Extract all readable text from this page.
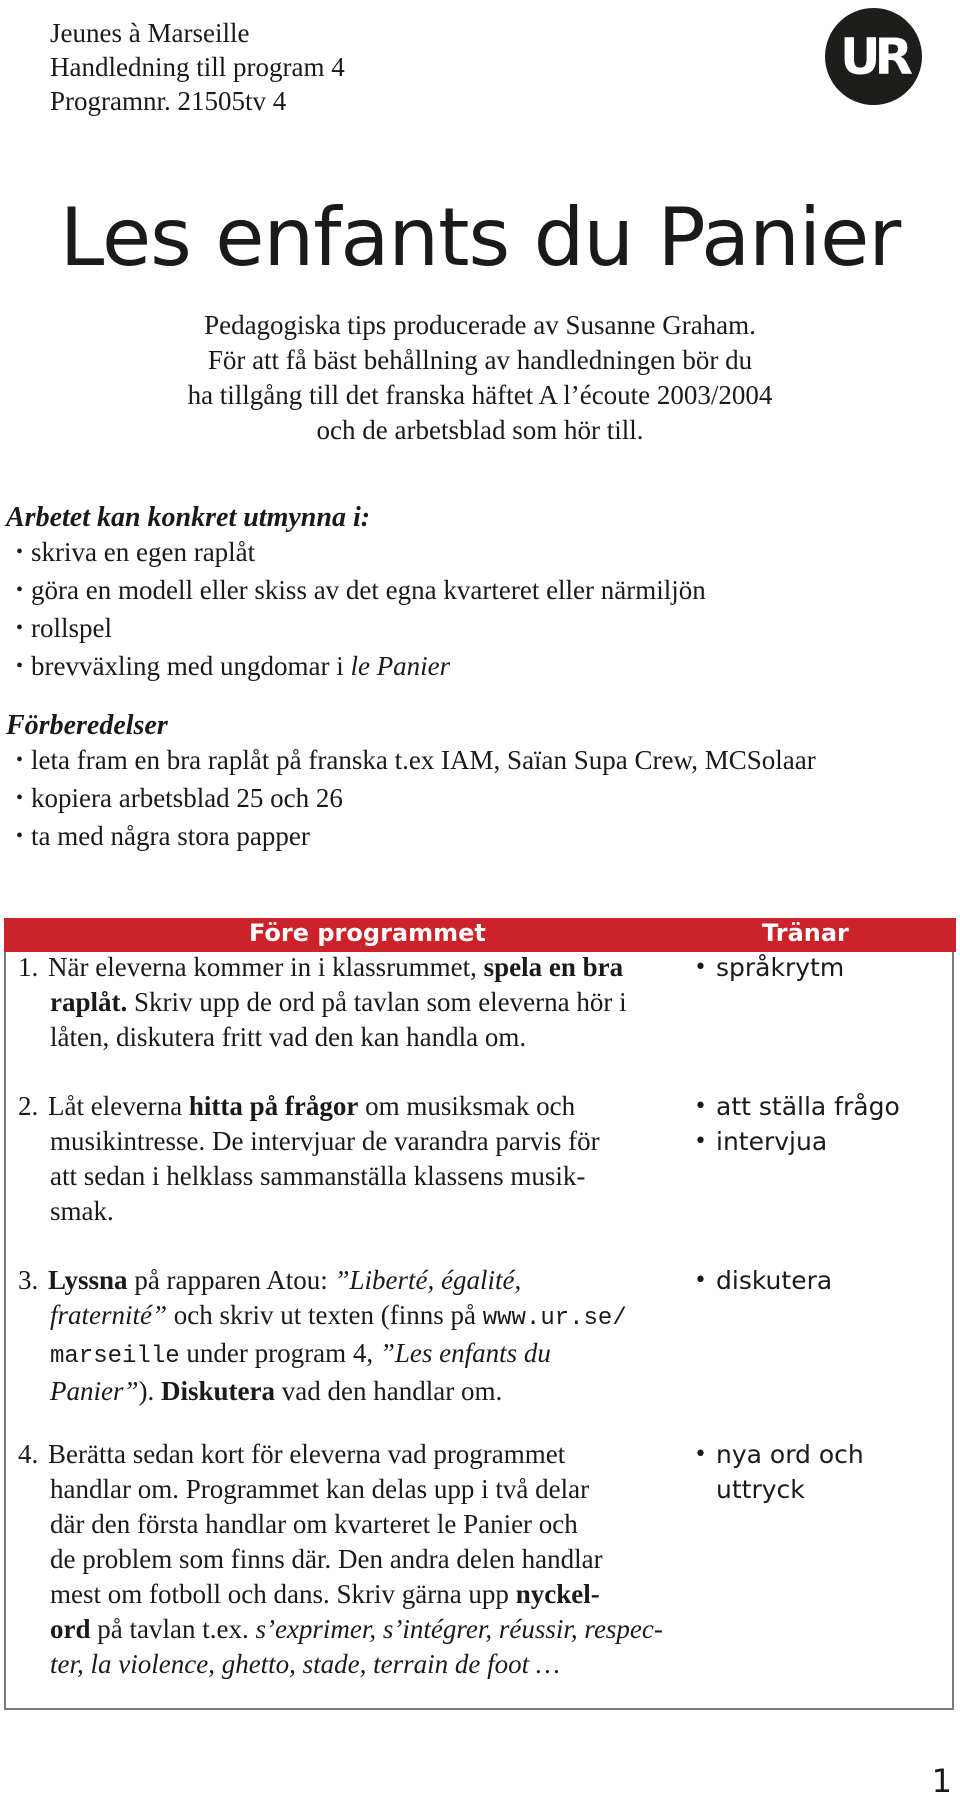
Jeunes à Marseille
Handledning till program 4
Programnr. 21505tv 4
UR
Les enfants du Panier
Pedagogiska tips producerade av Susanne Graham.
För att få bäst behållning av handledningen bör du
ha tillgång till det franska häftet A l’écoute 2003/2004
och de arbetsblad som hör till.
Arbetet kan konkret utmynna i:
• skriva en egen raplåt
• göra en modell eller skiss av det egna kvarteret eller närmiljön
• rollspel
• brevväxling med ungdomar i le Panier
Förberedelser
• leta fram en bra raplåt på franska t.ex IAM, Saïan Supa Crew, MCSolaar
• kopiera arbetsblad 25 och 26
• ta med några stora papper
Före programmet	Tränar
1. När eleverna kommer in i klassrummet, spela en bra
raplåt. Skriv upp de ord på tavlan som eleverna hör i
låten, diskutera fritt vad den kan handla om.
• språkrytm
2. Låt eleverna hitta på frågor om musiksmak och
musikintresse. De intervjuar de varandra parvis för
att sedan i helklass sammanställa klassens musik-
smak.
• att ställa frågo
• intervjua
3. Lyssna på rapparen Atou: ”Liberté, égalité,
fraternité” och skriv ut texten (finns på www.ur.se/
marseille under program 4, ”Les enfants du
Panier”). Diskutera vad den handlar om.
• diskutera
4. Berätta sedan kort för eleverna vad programmet
handlar om. Programmet kan delas upp i två delar
där den första handlar om kvarteret le Panier och
de problem som finns där. Den andra delen handlar
mest om fotboll och dans. Skriv gärna upp nyckel-
ord på tavlan t.ex. s’exprimer, s’intégrer, réussir, respec-
ter, la violence, ghetto, stade, terrain de foot …
• nya ord och
uttryck
1
